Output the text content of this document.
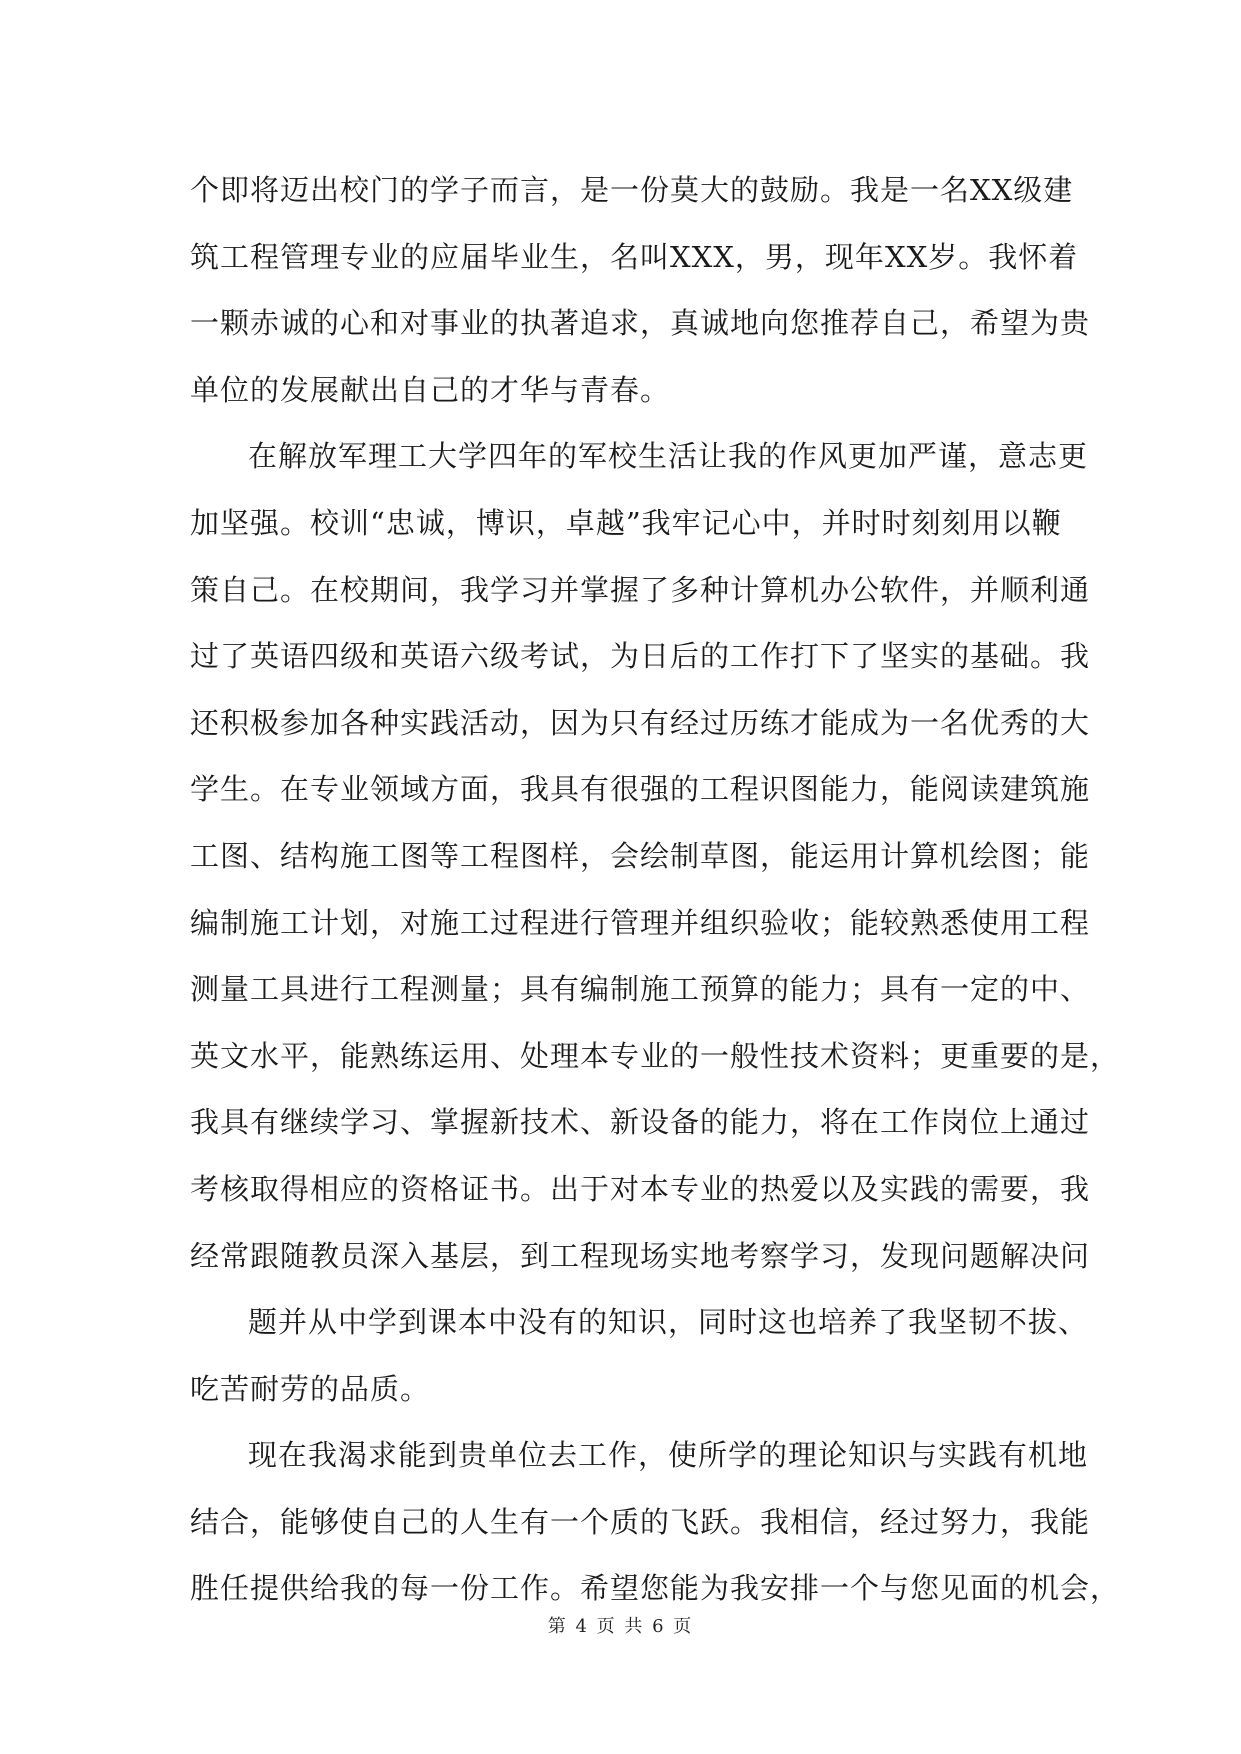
个即将迈出校门的学子而言，是一份莫大的鼓励。我是一名XX级建
筑工程管理专业的应届毕业生，名叫XXX，男，现年XX岁。我怀着
一颗赤诚的心和对事业的执著追求，真诚地向您推荐自己，希望为贵
单位的发展献出自己的才华与青春。
在解放军理工大学四年的军校生活让我的作风更加严谨，意志更
加坚强。校训“忠诚，博识，卓越”我牢记心中，并时时刻刻用以鞭
策自己。在校期间，我学习并掌握了多种计算机办公软件，并顺利通
过了英语四级和英语六级考试，为日后的工作打下了坚实的基础。我
还积极参加各种实践活动，因为只有经过历练才能成为一名优秀的大
学生。在专业领域方面，我具有很强的工程识图能力，能阅读建筑施
工图、结构施工图等工程图样，会绘制草图，能运用计算机绘图；能
编制施工计划，对施工过程进行管理并组织验收；能较熟悉使用工程
测量工具进行工程测量；具有编制施工预算的能力；具有一定的中、
英文水平，能熟练运用、处理本专业的一般性技术资料；更重要的是，
我具有继续学习、掌握新技术、新设备的能力，将在工作岗位上通过
考核取得相应的资格证书。出于对本专业的热爱以及实践的需要，我
经常跟随教员深入基层，到工程现场实地考察学习，发现问题解决问
题并从中学到课本中没有的知识，同时这也培养了我坚韧不拔、
吃苦耐劳的品质。
现在我渴求能到贵单位去工作，使所学的理论知识与实践有机地
结合，能够使自己的人生有一个质的飞跃。我相信，经过努力，我能
胜任提供给我的每一份工作。希望您能为我安排一个与您见面的机会，
第 4 页 共 6 页
